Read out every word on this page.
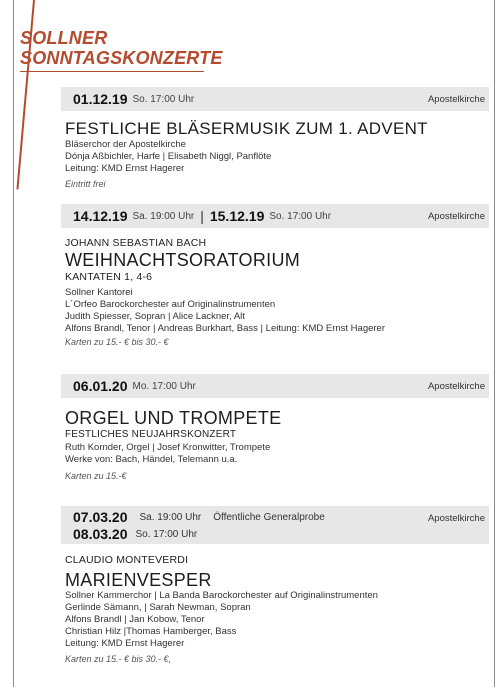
SOLLNER
SONNTAGSKONZERTE
01.12.19 So. 17:00 Uhr	Apostelkirche
FESTLICHE BLÄSERMUSIK ZUM 1. ADVENT
Bläserchor der Apostelkirche
Dónja Aßbichler, Harfe | Elisabeth Niggl, Panflöte
Leitung: KMD Ernst Hagerer
Eintritt frei
14.12.19 Sa. 19:00 Uhr | 15.12.19 So. 17:00 Uhr	Apostelkirche
JOHANN SEBASTIAN BACH
WEIHNACHTSORATORIUM
KANTATEN 1, 4-6
Sollner Kantorei
L´Orfeo Barockorchester auf Originalinstrumenten
Judith Spiesser, Sopran | Alice Lackner, Alt
Alfons Brandl, Tenor | Andreas Burkhart, Bass | Leitung: KMD Ernst Hagerer
Karten zu 15.- € bis 30.- €
06.01.20 Mo. 17:00 Uhr	Apostelkirche
ORGEL UND TROMPETE
FESTLICHES NEUJAHRSKONZERT
Ruth Kornder, Orgel | Josef Kronwitter, Trompete
Werke von: Bach, Händel, Telemann u.a.
Karten zu 15.-€
07.03.20 Sa. 19:00 Uhr Öffentliche Generalprobe
08.03.20 So. 17:00 Uhr
Apostelkirche
CLAUDIO MONTEVERDI
MARIENVESPER
Sollner Kammerchor | La Banda Barockorchester auf Originalinstrumenten
Gerlinde Sämann, | Sarah Newman, Sopran
Alfons Brandl | Jan Kobow, Tenor
Christian Hilz |Thomas Hamberger, Bass
Leitung: KMD Ernst Hagerer
Karten zu 15.- € bis 30.- €,
